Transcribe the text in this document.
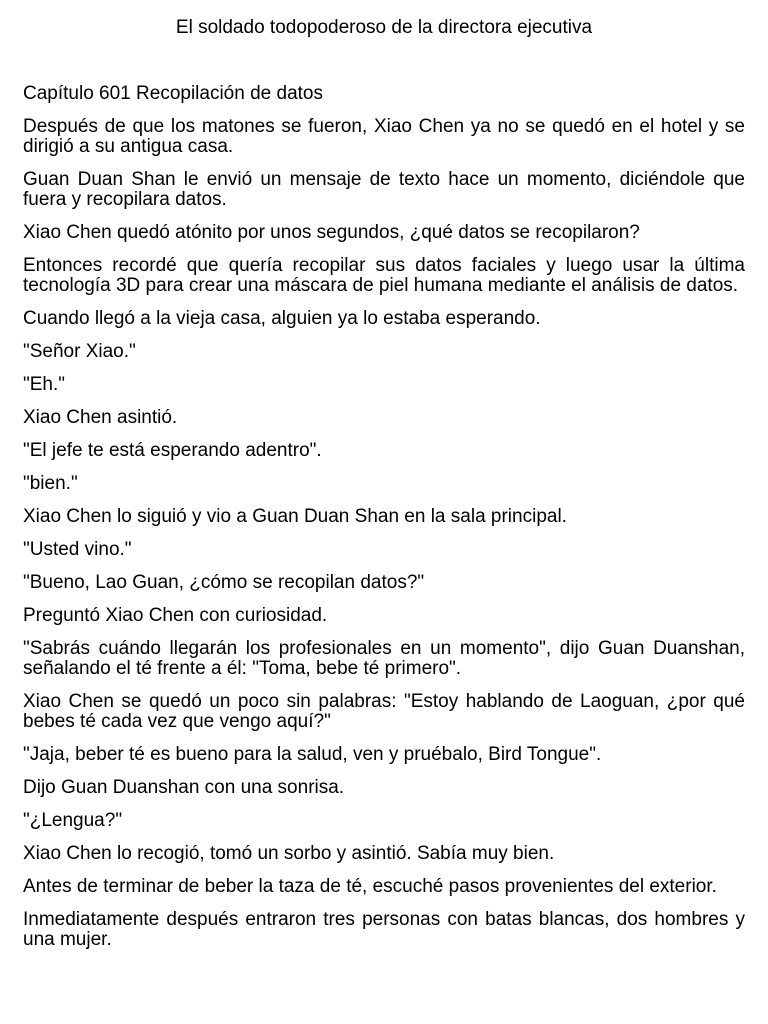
El soldado todopoderoso de la directora ejecutiva
Capítulo 601 Recopilación de datos

Después de que los matones se fueron, Xiao Chen ya no se quedó en el hotel y se dirigió a su antigua casa.

Guan Duan Shan le envió un mensaje de texto hace un momento, diciéndole que fuera y recopilara datos.

Xiao Chen quedó atónito por unos segundos, ¿qué datos se recopilaron?

Entonces recordé que quería recopilar sus datos faciales y luego usar la última tecnología 3D para crear una máscara de piel humana mediante el análisis de datos.

Cuando llegó a la vieja casa, alguien ya lo estaba esperando.

"Señor Xiao."

"Eh."

Xiao Chen asintió.

"El jefe te está esperando adentro".

"bien."

Xiao Chen lo siguió y vio a Guan Duan Shan en la sala principal.

"Usted vino."

"Bueno, Lao Guan, ¿cómo se recopilan datos?"

Preguntó Xiao Chen con curiosidad.

"Sabrás cuándo llegarán los profesionales en un momento", dijo Guan Duanshan, señalando el té frente a él: "Toma, bebe té primero".

Xiao Chen se quedó un poco sin palabras: "Estoy hablando de Laoguan, ¿por qué bebes té cada vez que vengo aquí?"

"Jaja, beber té es bueno para la salud, ven y pruébalo, Bird Tongue".

Dijo Guan Duanshan con una sonrisa.

"¿Lengua?"

Xiao Chen lo recogió, tomó un sorbo y asintió. Sabía muy bien.

Antes de terminar de beber la taza de té, escuché pasos provenientes del exterior.

Inmediatamente después entraron tres personas con batas blancas, dos hombres y una mujer.
